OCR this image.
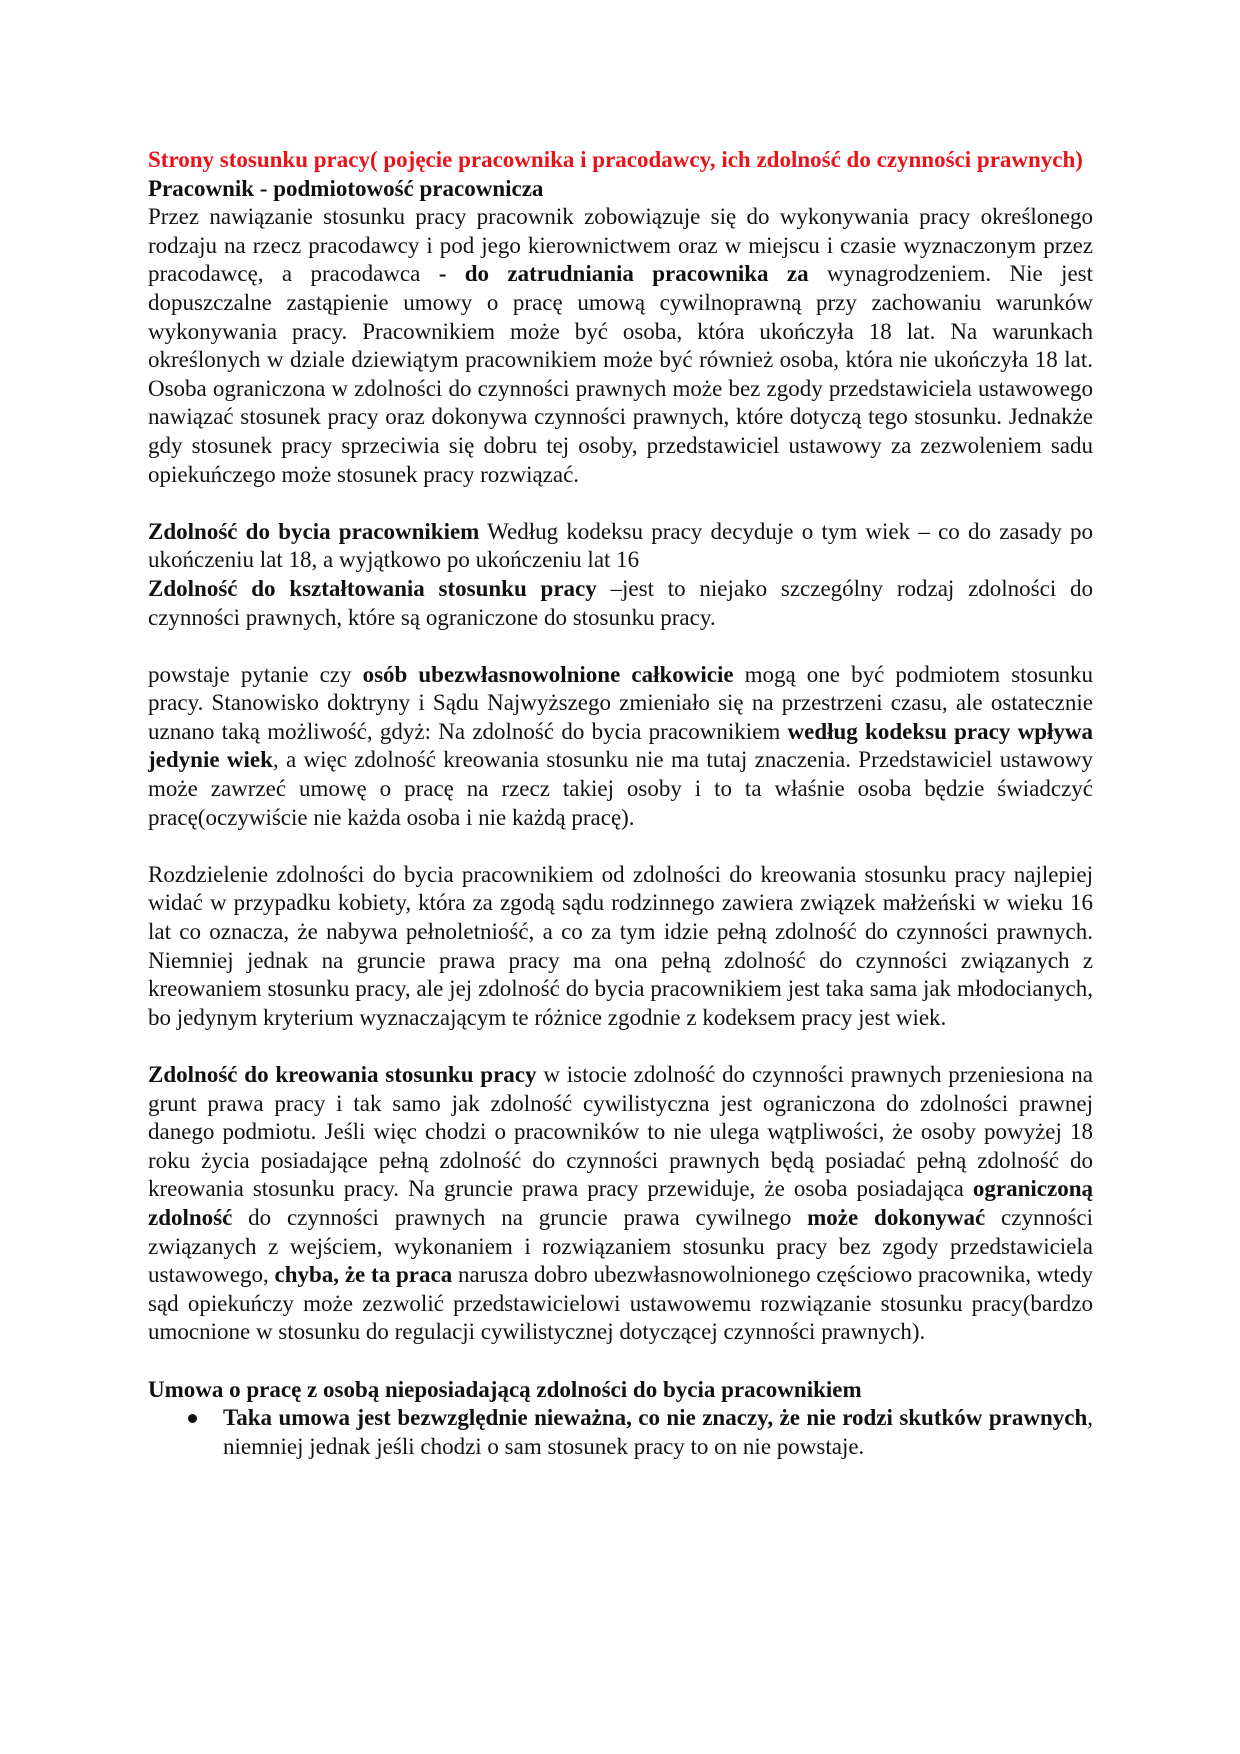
Strony stosunku pracy( pojęcie pracownika i pracodawcy, ich zdolność do czynności prawnych)

Pracownik - podmiotowość pracownicza

Przez nawiązanie stosunku pracy pracownik zobowiązuje się do wykonywania pracy określonego rodzaju na rzecz pracodawcy i pod jego kierownictwem oraz w miejscu i czasie wyznaczonym przez pracodawcę, a pracodawca - do zatrudniania pracownika za wynagrodzeniem. Nie jest dopuszczalne zastąpienie umowy o pracę umową cywilnoprawną przy zachowaniu warunków wykonywania pracy. Pracownikiem może być osoba, która ukończyła 18 lat. Na warunkach określonych w dziale dziewiątym pracownikiem może być również osoba, która nie ukończyła 18 lat. Osoba ograniczona w zdolności do czynności prawnych może bez zgody przedstawiciela ustawowego nawiązać stosunek pracy oraz dokonywa czynności prawnych, które dotyczą tego stosunku. Jednakże gdy stosunek pracy sprzeciwia się dobru tej osoby, przedstawiciel ustawowy za zezwoleniem sadu opiekuńczego może stosunek pracy rozwiązać.

Zdolność do bycia pracownikiem Według kodeksu pracy decyduje o tym wiek – co do zasady po ukończeniu lat 18, a wyjątkowo po ukończeniu lat 16

Zdolność do kształtowania stosunku pracy –jest to niejako szczególny rodzaj zdolności do czynności prawnych, które są ograniczone do stosunku pracy.

powstaje pytanie czy osób ubezwłasnowolnione całkowicie mogą one być podmiotem stosunku pracy. Stanowisko doktryny i Sądu Najwyższego zmieniało się na przestrzeni czasu, ale ostatecznie uznano taką możliwość, gdyż: Na zdolność do bycia pracownikiem według kodeksu pracy wpływa jedynie wiek, a więc zdolność kreowania stosunku nie ma tutaj znaczenia. Przedstawiciel ustawowy może zawrzeć umowę o pracę na rzecz takiej osoby i to ta właśnie osoba będzie świadczyć pracę(oczywiście nie każda osoba i nie każdą pracę).

Rozdzielenie zdolności do bycia pracownikiem od zdolności do kreowania stosunku pracy najlepiej widać w przypadku kobiety, która za zgodą sądu rodzinnego zawiera związek małżeński w wieku 16 lat co oznacza, że nabywa pełnoletniość, a co za tym idzie pełną zdolność do czynności prawnych. Niemniej jednak na gruncie prawa pracy ma ona pełną zdolność do czynności związanych z kreowaniem stosunku pracy, ale jej zdolność do bycia pracownikiem jest taka sama jak młodocianych, bo jedynym kryterium wyznaczającym te różnice zgodnie z kodeksem pracy jest wiek.

Zdolność do kreowania stosunku pracy w istocie zdolność do czynności prawnych przeniesiona na grunt prawa pracy i tak samo jak zdolność cywilistyczna jest ograniczona do zdolności prawnej danego podmiotu. Jeśli więc chodzi o pracowników to nie ulega wątpliwości, że osoby powyżej 18 roku życia posiadające pełną zdolność do czynności prawnych będą posiadać pełną zdolność do kreowania stosunku pracy. Na gruncie prawa pracy przewiduje, że osoba posiadająca ograniczoną zdolność do czynności prawnych na gruncie prawa cywilnego może dokonywać czynności związanych z wejściem, wykonaniem i rozwiązaniem stosunku pracy bez zgody przedstawiciela ustawowego, chyba, że ta praca narusza dobro ubezwłasnowolnionego częściowo pracownika, wtedy sąd opiekuńczy może zezwolić przedstawicielowi ustawowemu rozwiązanie stosunku pracy(bardzo umocnione w stosunku do regulacji cywilistycznej dotyczącej czynności prawnych).

Umowa o pracę z osobą nieposiadającą zdolności do bycia pracownikiem

Taka umowa jest bezwzględnie nieważna, co nie znaczy, że nie rodzi skutków prawnych, niemniej jednak jeśli chodzi o sam stosunek pracy to on nie powstaje.
